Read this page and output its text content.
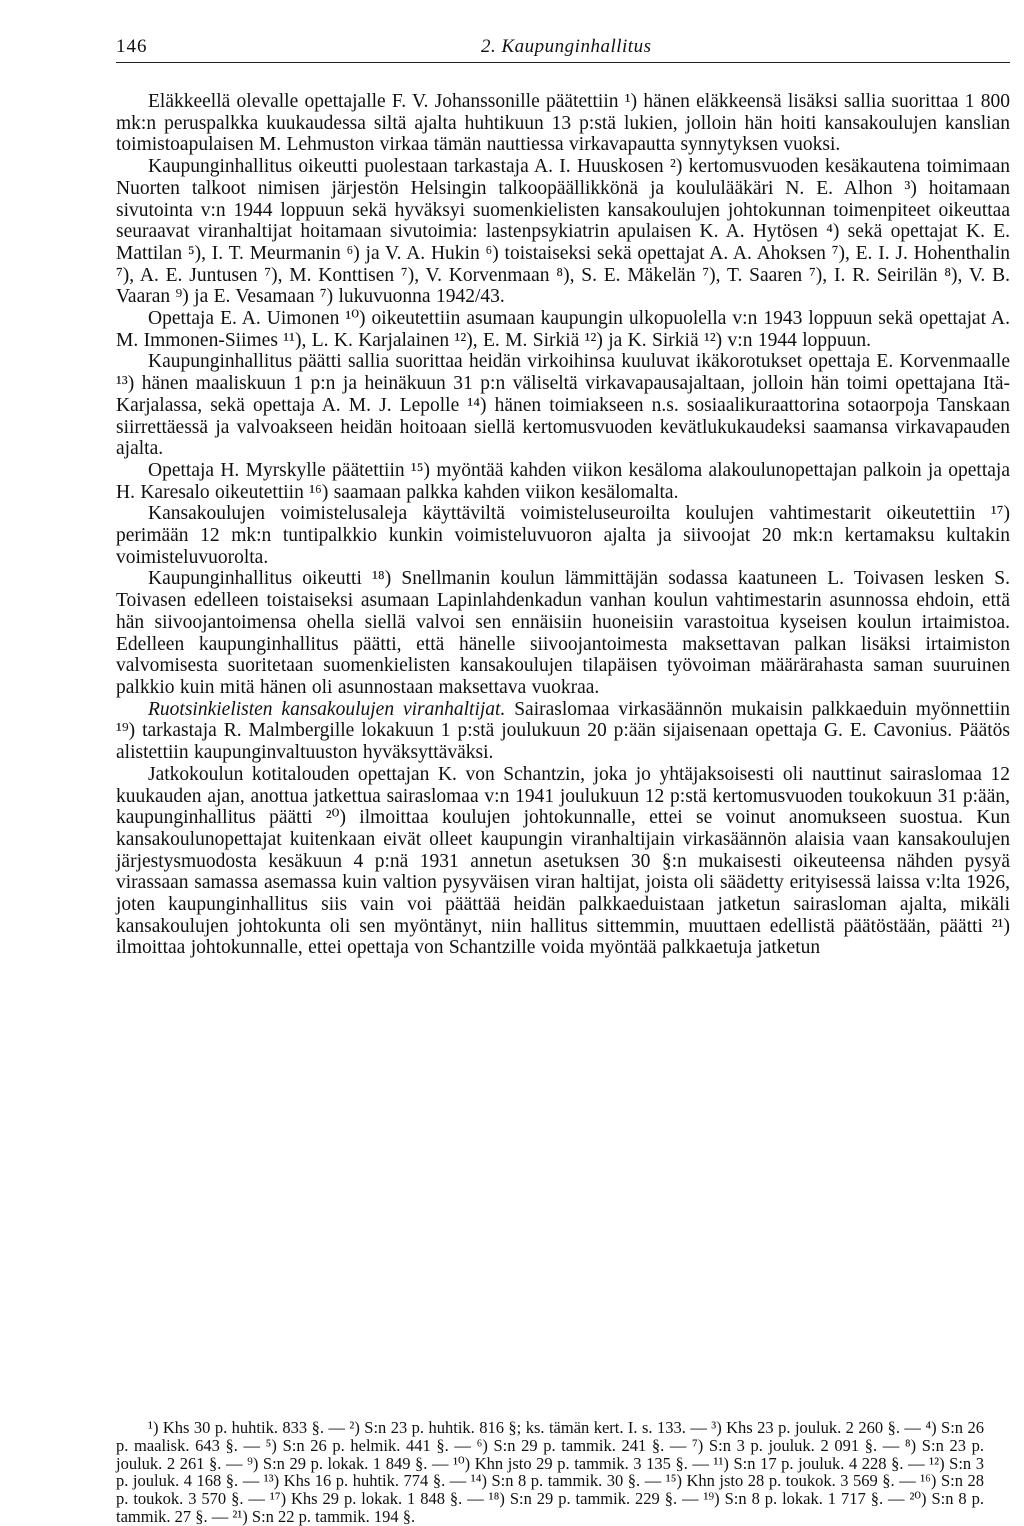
146	2. Kaupunginhallitus

Eläkkeellä olevalle opettajalle F. V. Johanssonille päätettiin ¹) hänen eläkkeensä lisäksi sallia suorittaa 1 800 mk:n peruspalkka kuukaudessa siltä ajalta huhtikuun 13 p:stä lukien, jolloin hän hoiti kansakoulujen kanslian toimistoapulaisen M. Lehmuston virkaa tämän nauttiessa virkavapautta synnytyksen vuoksi.

Kaupunginhallitus oikeutti puolestaan tarkastaja A. I. Huuskosen ²) kertomusvuoden kesäkautena toimimaan Nuorten talkoot nimisen järjestön Helsingin talkoopäällikkönä ja koululääkäri N. E. Alhon ³) hoitamaan sivutointa v:n 1944 loppuun sekä hyväksyi suomenkielisten kansakoulujen johtokunnan toimenpiteet oikeuttaa seuraavat viranhaltijat hoitamaan sivutoimia: lastenpsykiatrin apulaisen K. A. Hytösen ⁴) sekä opettajat K. E. Mattilan ⁵), I. T. Meurmanin ⁶) ja V. A. Hukin ⁶) toistaiseksi sekä opettajat A. A. Ahoksen ⁷), E. I. J. Hohenthalin ⁷), A. E. Juntusen ⁷), M. Konttisen ⁷), V. Korvenmaan ⁸), S. E. Mäkelän ⁷), T. Saaren ⁷), I. R. Seirilän ⁸), V. B. Vaaran ⁹) ja E. Vesamaan ⁷) lukuvuonna 1942/43.

Opettaja E. A. Uimonen ¹⁰) oikeutettiin asumaan kaupungin ulkopuolella v:n 1943 loppuun sekä opettajat A. M. Immonen-Siimes ¹¹), L. K. Karjalainen ¹²), E. M. Sirkiä ¹²) ja K. Sirkiä ¹²) v:n 1944 loppuun.

Kaupunginhallitus päätti sallia suorittaa heidän virkoihinsa kuuluvat ikäkorotukset opettaja E. Korvenmaalle ¹³) hänen maaliskuun 1 p:n ja heinäkuun 31 p:n väliseltä virkavapausajaltaan, jolloin hän toimi opettajana Itä-Karjalassa, sekä opettaja A. M. J. Lepolle ¹⁴) hänen toimiakseen n.s. sosiaalikuraattorina sotaorpoja Tanskaan siirrettäessä ja valvoakseen heidän hoitoaan siellä kertomusvuoden kevätlukukaudeksi saamansa virkavapauden ajalta.

Opettaja H. Myrskylle päätettiin ¹⁵) myöntää kahden viikon kesäloma alakoulunopettajan palkoin ja opettaja H. Karesalo oikeutettiin ¹⁶) saamaan palkka kahden viikon kesälomalta.

Kansakoulujen voimistelusaleja käyttäviltä voimisteluseuroilta koulujen vahtimestarit oikeutettiin ¹⁷) perimään 12 mk:n tuntipalkkio kunkin voimisteluvuoron ajalta ja siivoojat 20 mk:n kertamaksu kultakin voimisteluvuorolta.

Kaupunginhallitus oikeutti ¹⁸) Snellmanin koulun lämmittäjän sodassa kaatuneen L. Toivasen lesken S. Toivasen edelleen toistaiseksi asumaan Lapinlahdenkadun vanhan koulun vahtimestarin asunnossa ehdoin, että hän siivoojantoimensa ohella siellä valvoi sen ennäisiin huoneisiin varastoitua kyseisen koulun irtaimistoa. Edelleen kaupunginhallitus päätti, että hänelle siivoojantoimesta maksettavan palkan lisäksi irtaimiston valvomisesta suoritetaan suomenkielisten kansakoulujen tilapäisen työvoiman määrärahasta saman suuruinen palkkio kuin mitä hänen oli asunnostaan maksettava vuokraa.

Ruotsinkielisten kansakoulujen viranhaltijat. Sairaslomaa virkasäännön mukaisin palkkaeduin myönnettiin ¹⁹) tarkastaja R. Malmbergille lokakuun 1 p:stä joulukuun 20 p:ään sijaisenaan opettaja G. E. Cavonius. Päätös alistettiin kaupunginvaltuuston hyväksyttäväksi.

Jatkokoulun kotitalouden opettajan K. von Schantzin, joka jo yhtäjaksoisesti oli nauttinut sairaslomaa 12 kuukauden ajan, anottua jatkettua sairaslomaa v:n 1941 joulukuun 12 p:stä kertomusvuoden toukokuun 31 p:ään, kaupunginhallitus päätti ²⁰) ilmoittaa koulujen johtokunnalle, ettei se voinut anomukseen suostua. Kun kansakoulunopettajat kuitenkaan eivät olleet kaupungin viranhaltijain virkasäännön alaisia vaan kansakoulujen järjestysmuodosta kesäkuun 4 p:nä 1931 annetun asetuksen 30 §:n mukaisesti oikeuteensa nähden pysyä virassaan samassa asemassa kuin valtion pysyväisen viran haltijat, joista oli säädetty erityisessä laissa v:lta 1926, joten kaupunginhallitus siis vain voi päättää heidän palkkaeduistaan jatketun sairasloman ajalta, mikäli kansakoulujen johtokunta oli sen myöntänyt, niin hallitus sittemmin, muuttaen edellistä päätöstään, päätti ²¹) ilmoittaa johtokunnalle, ettei opettaja von Schantzille voida myöntää palkkaetuja jatketun

¹) Khs 30 p. huhtik. 833 §. — ²) S:n 23 p. huhtik. 816 §; ks. tämän kert. I. s. 133. — ³) Khs 23 p. jouluk. 2 260 §. — ⁴) S:n 26 p. maalisk. 643 §. — ⁵) S:n 26 p. helmik. 441 §. — ⁶) S:n 29 p. tammik. 241 §. — ⁷) S:n 3 p. jouluk. 2 091 §. — ⁸) S:n 23 p. jouluk. 2 261 §. — ⁹) S:n 29 p. lokak. 1 849 §. — ¹⁰) Khn jsto 29 p. tammik. 3 135 §. — ¹¹) S:n 17 p. jouluk. 4 228 §. — ¹²) S:n 3 p. jouluk. 4 168 §. — ¹³) Khs 16 p. huhtik. 774 §. — ¹⁴) S:n 8 p. tammik. 30 §. — ¹⁵) Khn jsto 28 p. toukok. 3 569 §. — ¹⁶) S:n 28 p. toukok. 3 570 §. — ¹⁷) Khs 29 p. lokak. 1 848 §. — ¹⁸) S:n 29 p. tammik. 229 §. — ¹⁹) S:n 8 p. lokak. 1 717 §. — ²⁰) S:n 8 p. tammik. 27 §. — ²¹) S:n 22 p. tammik. 194 §.
